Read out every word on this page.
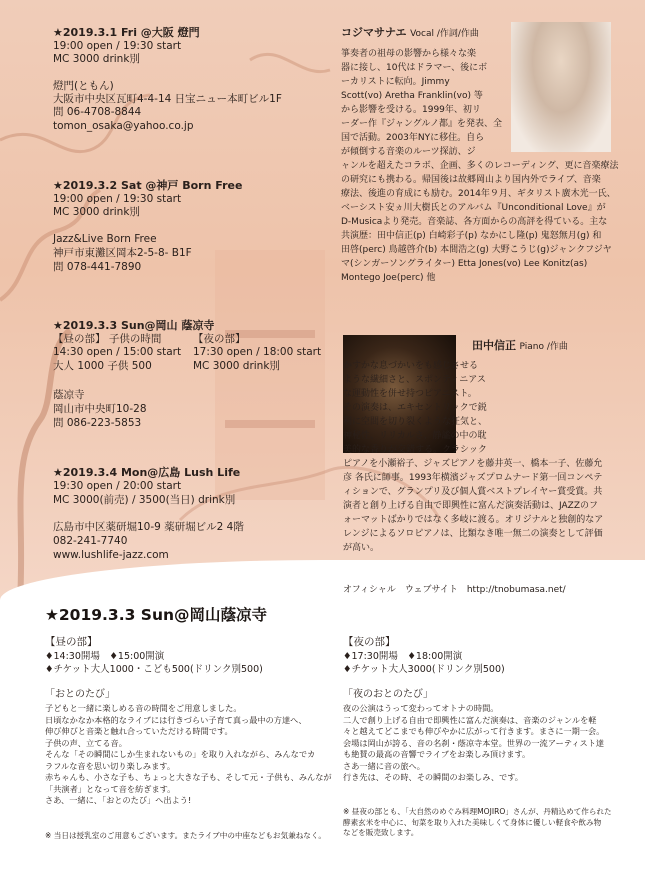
★2019.3.1 Fri @大阪 燈門
19:00 open / 19:30 start
MC 3000 drink別
燈門(ともん)
大阪市中央区瓦町4-4-14 日宝ニュー本町ビル1F
問 06-4708-8844
tomon_osaka@yahoo.co.jp
★2019.3.2 Sat @神戸 Born Free
19:00 open / 19:30 start
MC 3000 drink別
Jazz&Live Born Free
神戸市東灘区岡本2-5-8- B1F
問 078-441-7890
★2019.3.3 Sun@岡山 蔭凉寺
【昼の部】 子供の時間
14:30 open / 15:00 start
大人 1000 子供 500
【夜の部】
17:30 open / 18:00 start
MC 3000 drink別
蔭凉寺
岡山市中央町10-28
問 086-223-5853
★2019.3.4 Mon@広島 Lush Life
19:30 open / 20:00 start
MC 3000(前売) / 3500(当日) drink別
広島市中区薬研堀10-9 薬研堀ビル2 4階
082-241-7740
www.lushlife-jazz.com
コジマサナエ Vocal /作詞/作曲
箏奏者の祖母の影響から様々な楽
器に接し、10代はドラマー、後にボ
ーカリストに転向。Jimmy
Scott(vo) Aretha Franklin(vo) 等
から影響を受ける。1999年、初リ
ーダー作『ジャングルノ都』を発表、全
国で活動。2003年NYに移住。自ら
が傾倒する音楽のルーツ探訪、ジ
ャンルを超えたコラボ、企画、多くのレコーディング、更に音楽療法
の研究にも携わる。帰国後は故郷岡山より国内外でライブ、音楽
療法、後進の育成にも励む。2014年９月、ギタリスト廣木光一氏、
ベーシスト安ヵ川大樹氏とのアルバム『Unconditional Love』が
D-Musicaより発売。音楽誌、各方面からの高評を得ている。主な
共演歴：田中信正(p) 白崎彩子(p) なかにし隆(p) 鬼怒無月(g) 和
田啓(perc) 鳥越啓介(b) 本間浩之(g) 大野こうじ(g)ジャンクフジヤ
マ(シンガーソングライター) Etta Jones(vo) Lee Konitz(as)
Montego Joe(perc) 他
田中信正 Piano /作曲
かすかな息づかいをも感じさせる
ような繊細さと、スポンティニアス
な運動性を併せ持つピアニスト。
その演奏は、エキセントリックで鋭
利に空間を切り裂くような狂気と、
神秘性、リリカルさ、静謐の中の耽
美的な香りが交錯する。クラシック
ピアノを小瀬裕子、ジャズピアノを藤井英一、橋本一子、佐藤允
彦 各氏に師事。1993年横濱ジャズプロムナード第一回コンペテ
ィションで、グランプリ及び個人賞ベストプレイヤー賞受賞。共
演者と創り上げる自由で即興性に富んだ演奏活動は、JAZZのフ
ォーマットばかりではなく多岐に渡る。オリジナルと独創的なア
レンジによるソロピアノは、比類なき唯一無二の演奏として評価
が高い。
オフィシャル　ウェブサイト　http://tnobumasa.net/
★2019.3.3 Sun@岡山蔭凉寺
【昼の部】
♦14:30開場　♦15:00開演
♦チケット大人1000・こども500(ドリンク別500)
【夜の部】
♦17:30開場　♦18:00開演
♦チケット大人3000(ドリンク別500)
「おとのたび」
子どもと一緒に楽しめる音の時間をご用意しました。
日頃なかなか本格的なライブには行きづらい子育て真っ最中の方達へ、
伸び伸びと音楽と触れ合っていただける時間です。
子供の声、立てる音。
そんな「その瞬間にしか生まれないもの」を取り入れながら、みんなでカ
ラフルな音を思い切り楽しみます。
赤ちゃんも、小さな子も、ちょっと大きな子も、そして元・子供も、みんなが
「共演者」となって音を紡ぎます。
さあ、一緒に、「おとのたび」へ出よう!
※ 当日は授乳室のご用意もございます。またライブ中の中座などもお気兼ねなく。
「夜のおとのたび」
夜の公演はうって変わってオトナの時間。
二人で創り上げる自由で即興性に富んだ演奏は、音楽のジャンルを軽
々と越えてどこまでも伸びやかに広がって行きます。まさに一期一会。
会場は岡山が誇る、音の名刹・蔭凉寺本堂。世界の一流アーティスト達
も絶賛の最高の音響でライブをお楽しみ頂けます。
さあ一緒に音の旅へ。
行き先は、その時、その瞬間のお楽しみ、です。
※ 昼夜の部とも、「大自然のめぐみ料理MOJIRO」さんが、丹精込めて作られた
酵素玄米を中心に、旬菜を取り入れた美味しくて身体に優しい軽食や飲み物
などを販売致します。
